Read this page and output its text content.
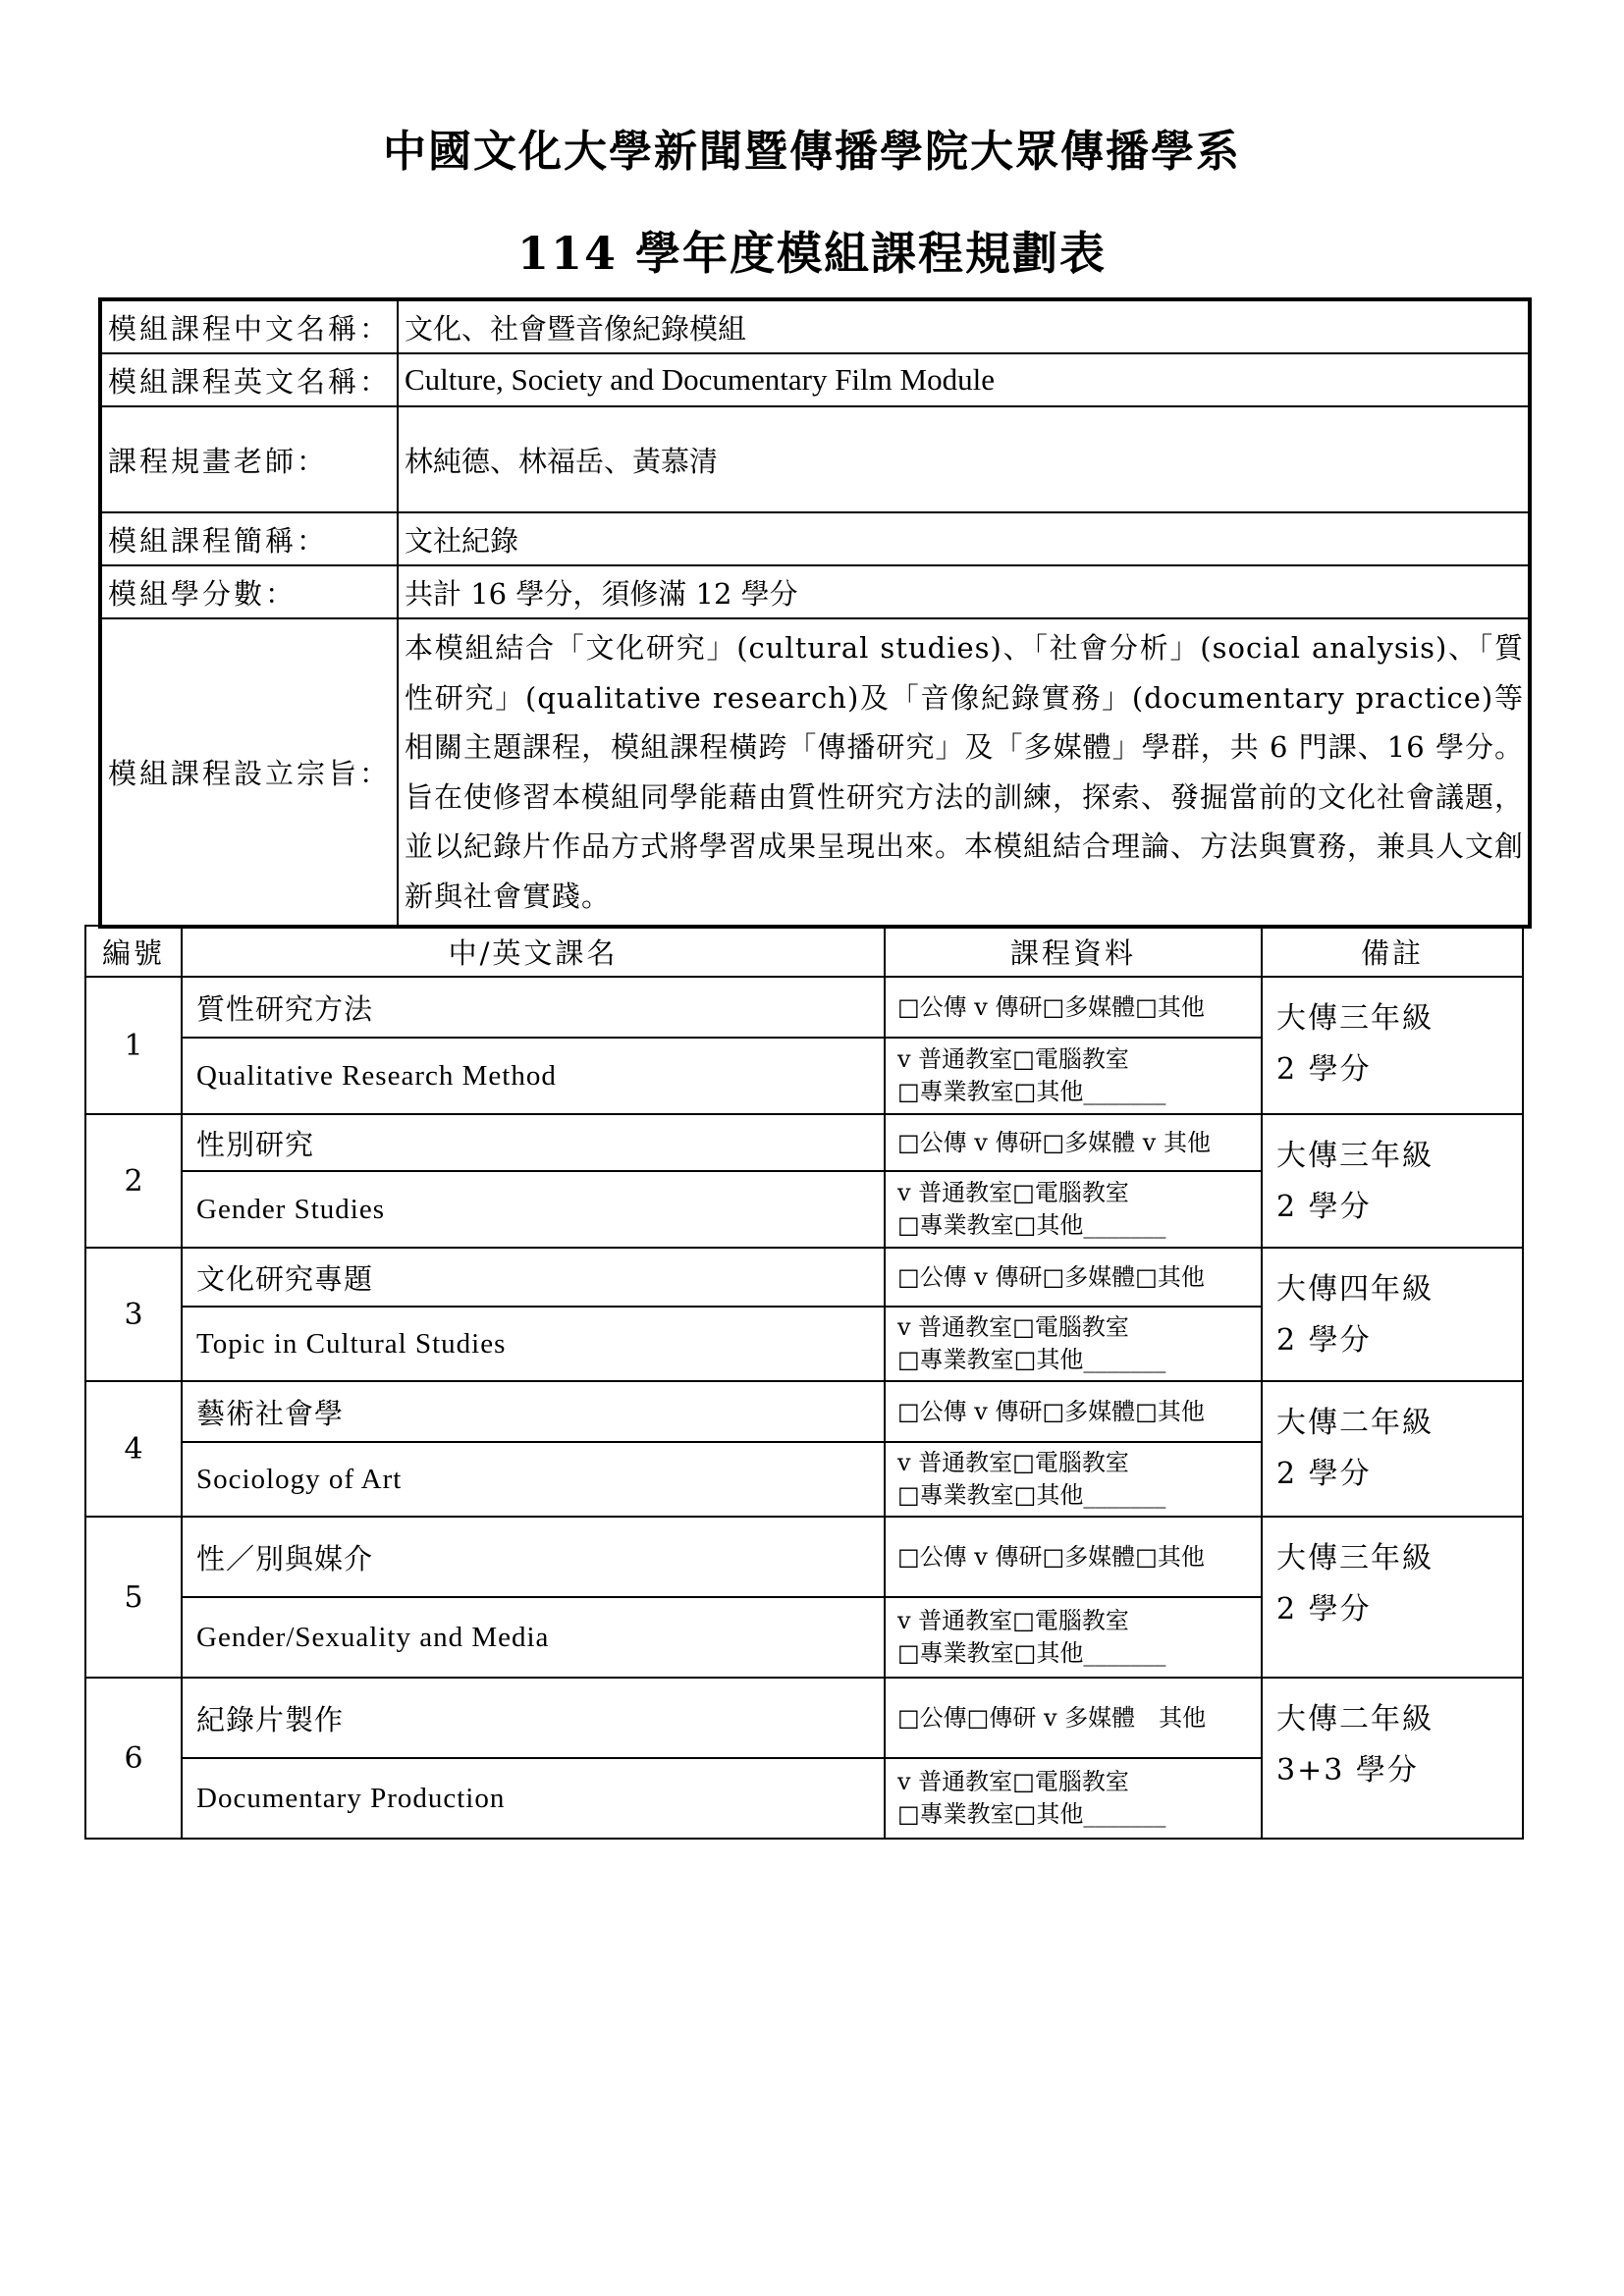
中國文化大學新聞暨傳播學院大眾傳播學系
114 學年度模組課程規劃表
模組課程中文名稱：	文化、社會暨音像紀錄模組
模組課程英文名稱：	Culture, Society and Documentary Film Module
課程規畫老師：	林純德、林福岳、黃慕清
模組課程簡稱：	文社紀錄
模組學分數：	共計 16 學分，須修滿 12 學分
模組課程設立宗旨：	本模組結合「文化研究」(cultural studies)、「社會分析」(social analysis)、「質性研究」(qualitative research)及「音像紀錄實務」(documentary practice)等相關主題課程，模組課程橫跨「傳播研究」及「多媒體」學群，共 6 門課、16 學分。旨在使修習本模組同學能藉由質性研究方法的訓練，探索、發掘當前的文化社會議題，並以紀錄片作品方式將學習成果呈現出來。本模組結合理論、方法與實務，兼具人文創新與社會實踐。
編號	中/英文課名	課程資料	備註
1	質性研究方法	□公傳 v 傳研□多媒體□其他	大傳三年級
2 學分

	Qualitative Research Method	v 普通教室□電腦教室
□專業教室□其他_______	

2	性別研究	□公傳 v 傳研□多媒體 v 其他	大傳三年級
2 學分

	Gender Studies	v 普通教室□電腦教室
□專業教室□其他_______	

3	文化研究專題	□公傳 v 傳研□多媒體□其他	大傳四年級
2 學分

	Topic in Cultural Studies	v 普通教室□電腦教室
□專業教室□其他_______	

4	藝術社會學	□公傳 v 傳研□多媒體□其他	大傳二年級
2 學分

	Sociology of Art	v 普通教室□電腦教室
□專業教室□其他_______	

5	性／別與媒介	□公傳 v 傳研□多媒體□其他	大傳三年級
2 學分

	Gender/Sexuality and Media	v 普通教室□電腦教室
□專業教室□其他_______	

6	紀錄片製作	□公傳□傳研 v 多媒體　其他	大傳二年級
3+3 學分

	Documentary Production	v 普通教室□電腦教室
□專業教室□其他_______	
